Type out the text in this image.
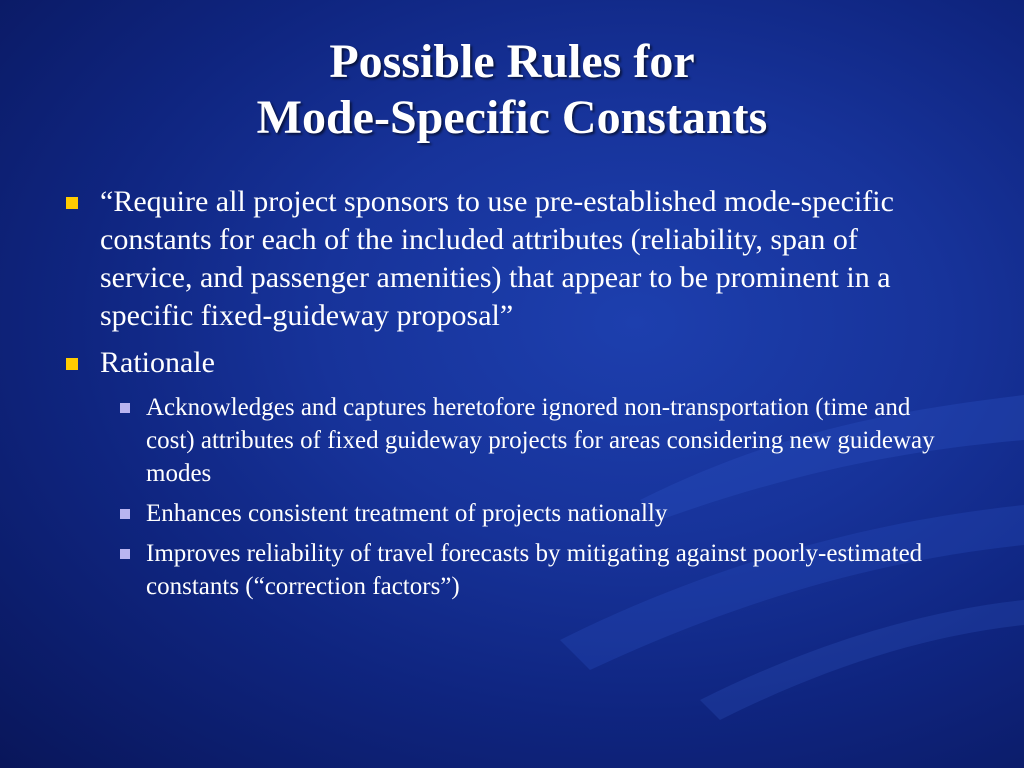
Possible Rules for
Mode-Specific Constants
“Require all project sponsors to use pre-established mode-specific constants for each of the included attributes (reliability, span of service, and passenger amenities) that appear to be prominent in a specific fixed-guideway proposal”
Rationale
Acknowledges and captures heretofore ignored non-transportation (time and cost) attributes of fixed guideway projects for areas considering new guideway modes
Enhances consistent treatment of projects nationally
Improves reliability of travel forecasts by mitigating against poorly-estimated constants (“correction factors”)
